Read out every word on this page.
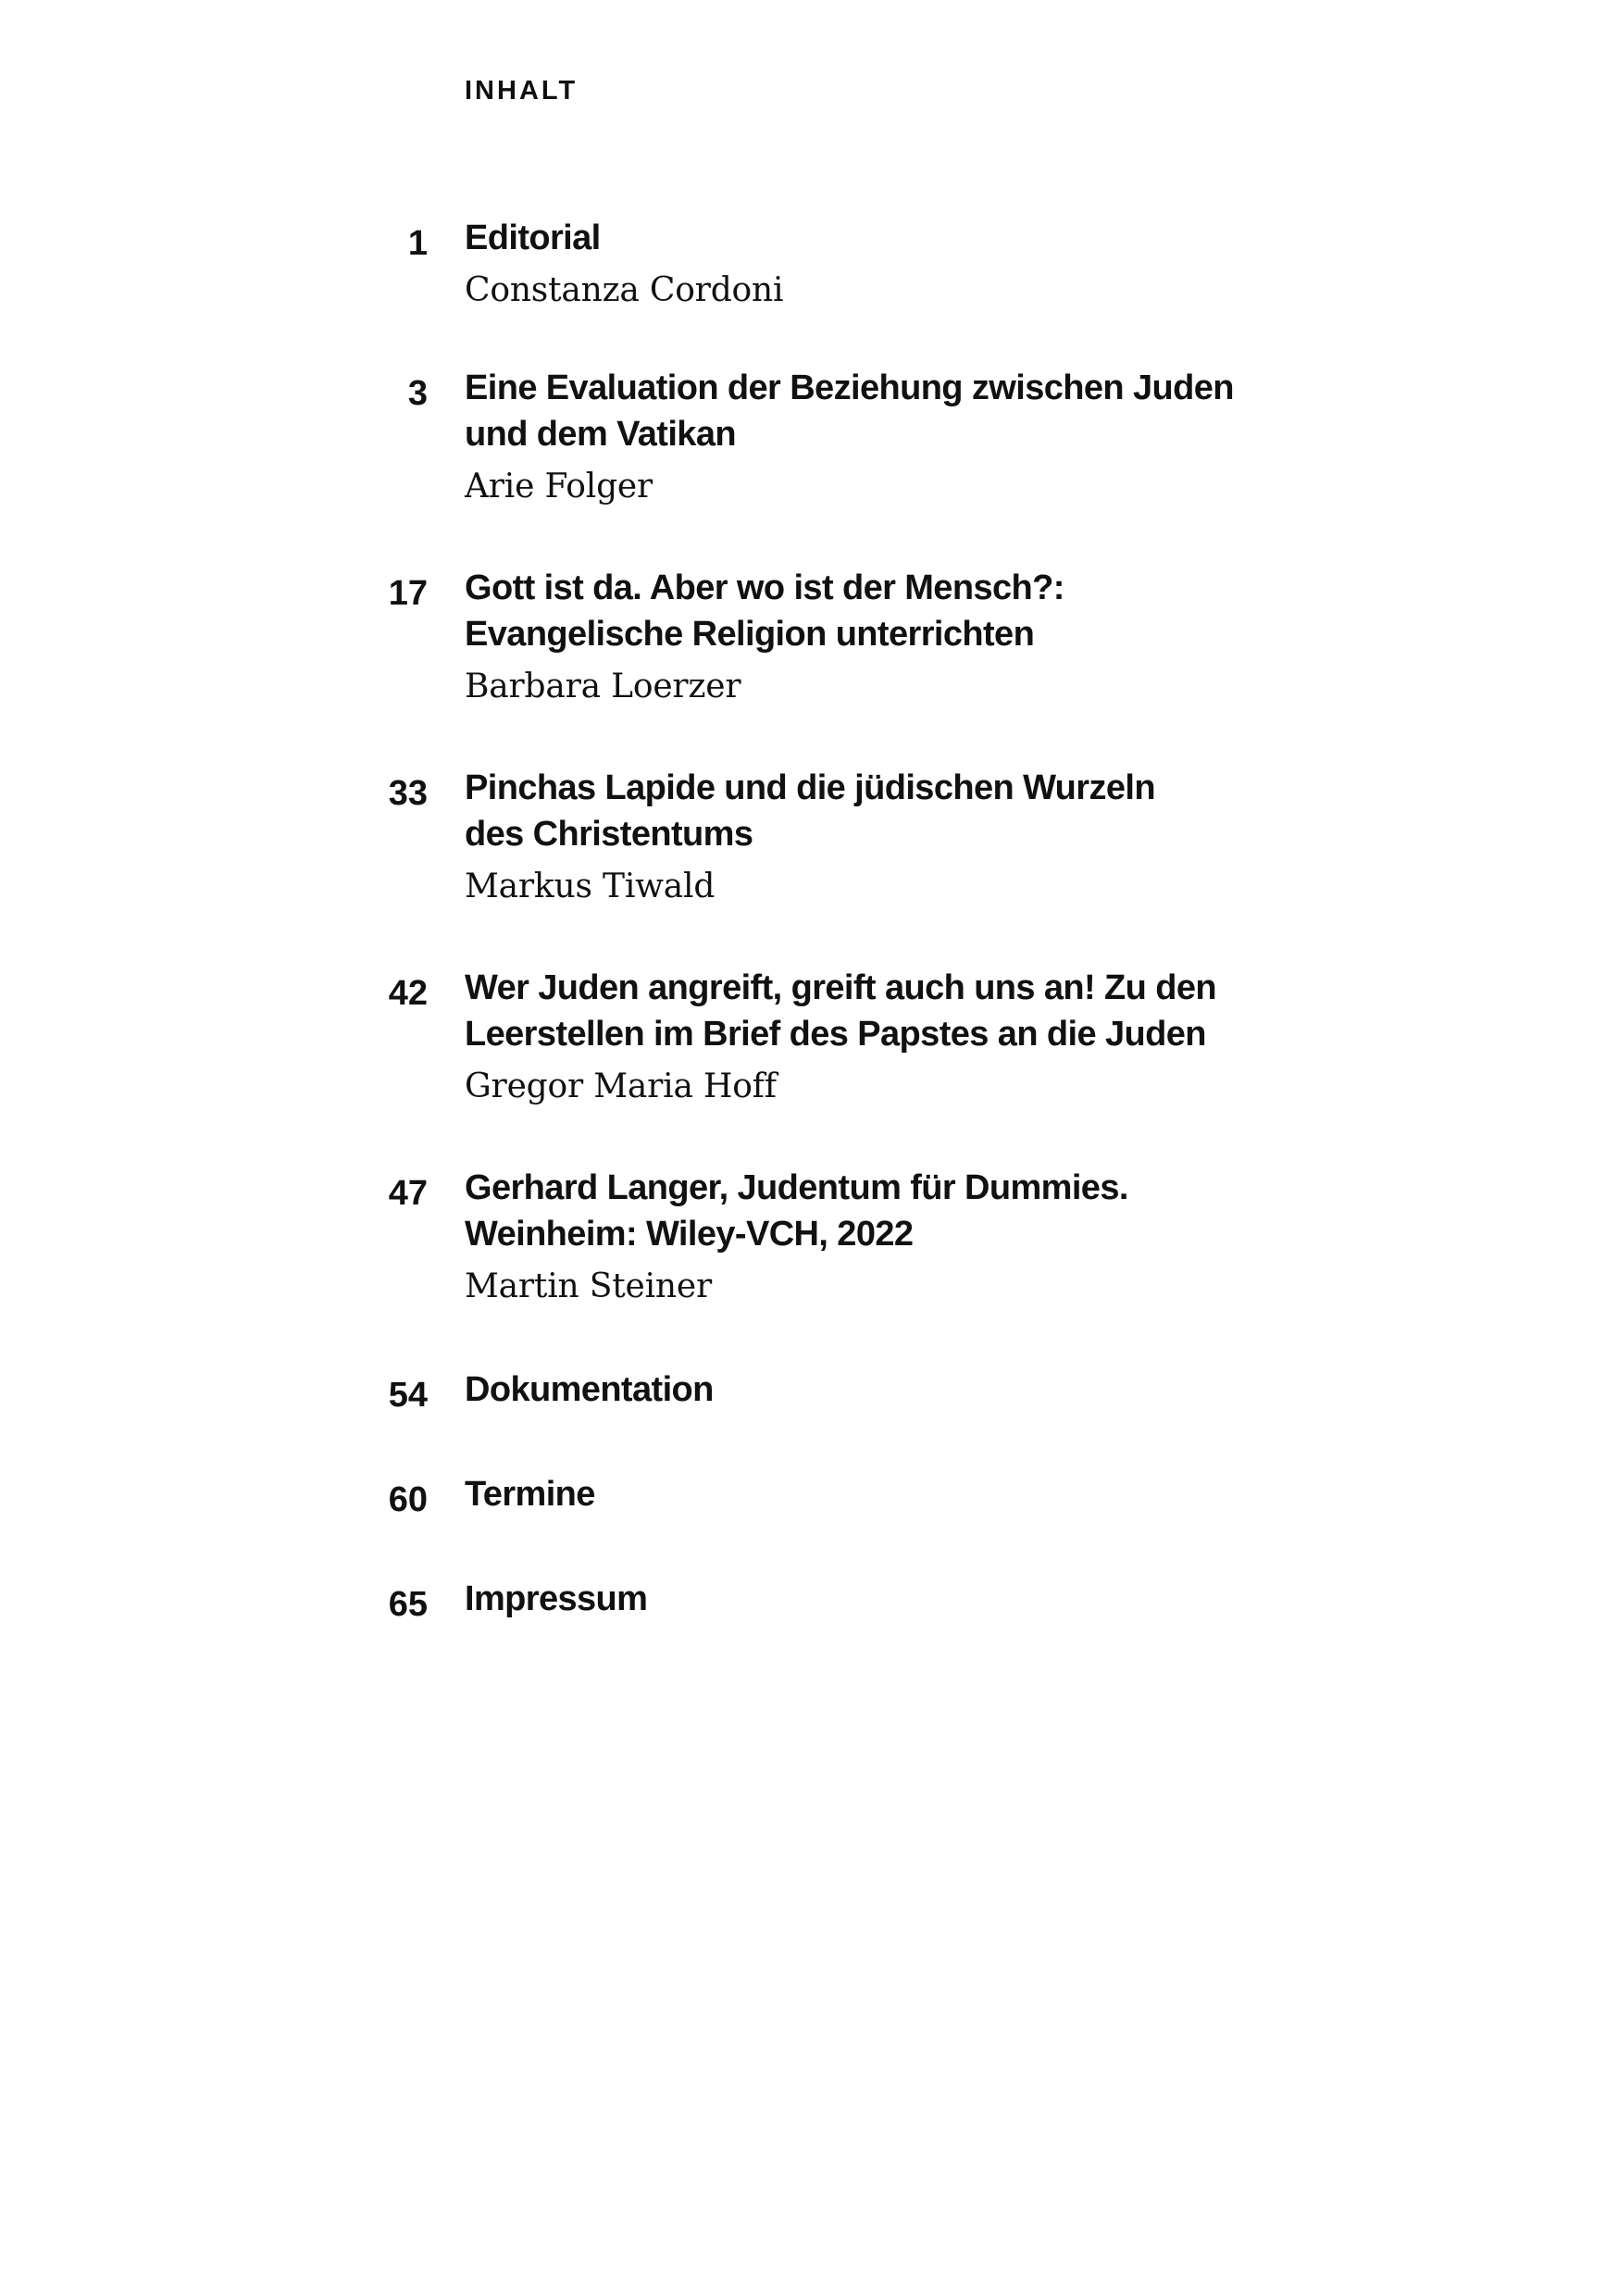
INHALT
1 Editorial

Constanza Cordoni
3 Eine Evaluation der Beziehung zwischen Juden
und dem Vatikan

Arie Folger
17 Gott ist da. Aber wo ist der Mensch?:
Evangelische Religion unterrichten

Barbara Loerzer
33 Pinchas Lapide und die jüdischen Wurzeln
des Christentums

Markus Tiwald
42 Wer Juden angreift, greift auch uns an! Zu den
Leerstellen im Brief des Papstes an die Juden

Gregor Maria Hoff
47 Gerhard Langer, Judentum für Dummies.
Weinheim: Wiley-VCH, 2022

Martin Steiner
54 Dokumentation

60 Termine

65 Impressum
